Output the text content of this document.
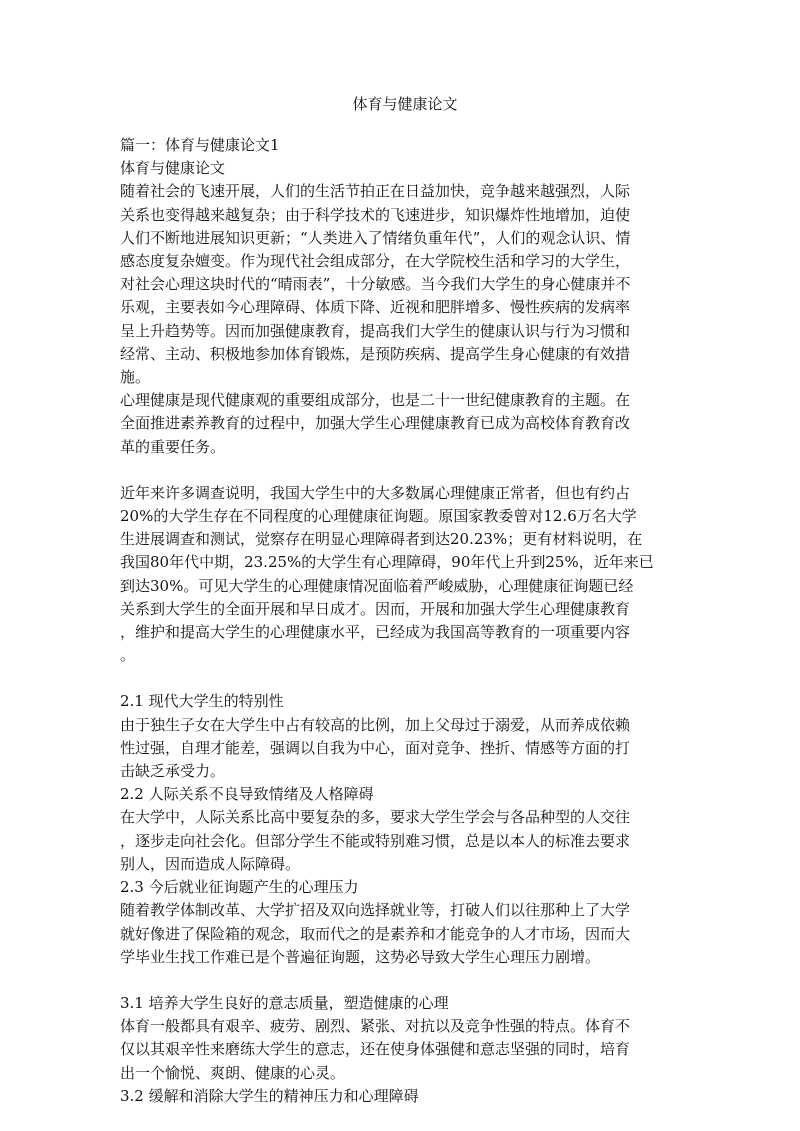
体育与健康论文
篇一：体育与健康论文1
体育与健康论文
随着社会的飞速开展，人们的生活节拍正在日益加快，竞争越来越强烈，人际
关系也变得越来越复杂；由于科学技术的飞速进步，知识爆炸性地增加，迫使
人们不断地进展知识更新；“人类进入了情绪负重年代”，人们的观念认识、情
感态度复杂嬗变。作为现代社会组成部分，在大学院校生活和学习的大学生，
对社会心理这块时代的“晴雨表”，十分敏感。当今我们大学生的身心健康并不
乐观，主要表如今心理障碍、体质下降、近视和肥胖增多、慢性疾病的发病率
呈上升趋势等。因而加强健康教育，提高我们大学生的健康认识与行为习惯和
经常、主动、积极地参加体育锻炼，是预防疾病、提高学生身心健康的有效措
施。
心理健康是现代健康观的重要组成部分，也是二十一世纪健康教育的主题。在
全面推进素养教育的过程中，加强大学生心理健康教育已成为高校体育教育改
革的重要任务。
近年来许多调查说明，我国大学生中的大多数属心理健康正常者，但也有约占
20%的大学生存在不同程度的心理健康征询题。原国家教委曾对12.6万名大学
生进展调查和测试，觉察存在明显心理障碍者到达20.23%；更有材料说明，在
我国80年代中期，23.25%的大学生有心理障碍，90年代上升到25%，近年来已
到达30%。可见大学生的心理健康情况面临着严峻威胁，心理健康征询题已经
关系到大学生的全面开展和早日成才。因而，开展和加强大学生心理健康教育
，维护和提高大学生的心理健康水平，已经成为我国高等教育的一项重要内容
。
2.1 现代大学生的特别性
由于独生子女在大学生中占有较高的比例，加上父母过于溺爱，从而养成依赖
性过强，自理才能差，强调以自我为中心，面对竞争、挫折、情感等方面的打
击缺乏承受力。
2.2 人际关系不良导致情绪及人格障碍
在大学中，人际关系比高中要复杂的多，要求大学生学会与各品种型的人交往
，逐步走向社会化。但部分学生不能或特别难习惯，总是以本人的标准去要求
别人，因而造成人际障碍。
2.3 今后就业征询题产生的心理压力
随着教学体制改革、大学扩招及双向选择就业等，打破人们以往那种上了大学
就好像进了保险箱的观念，取而代之的是素养和才能竞争的人才市场，因而大
学毕业生找工作难已是个普遍征询题，这势必导致大学生心理压力剧增。
3.1 培养大学生良好的意志质量，塑造健康的心理
体育一般都具有艰辛、疲劳、剧烈、紧张、对抗以及竞争性强的特点。体育不
仅以其艰辛性来磨练大学生的意志，还在使身体强健和意志坚强的同时，培育
出一个愉悦、爽朗、健康的心灵。
3.2 缓解和消除大学生的精神压力和心理障碍
